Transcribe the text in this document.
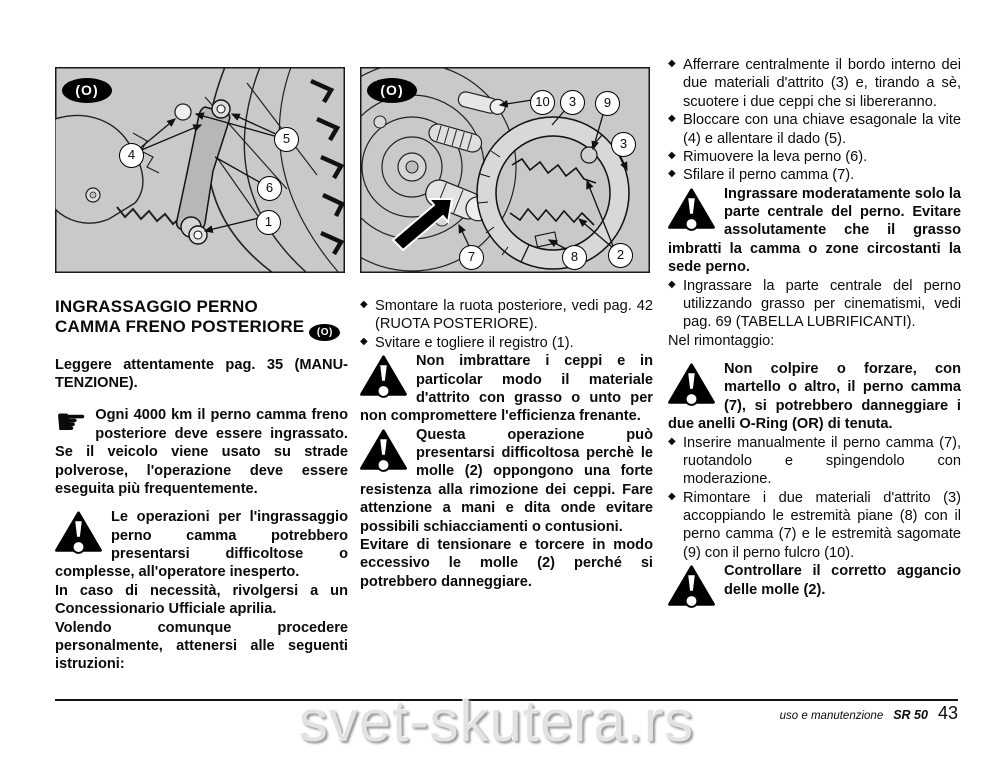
(O)
4
5
6
1
INGRASSAGGIO PERNO
CAMMA FRENO POSTERIORE (O)

Leggere attentamente pag. 35 (MANU-TENZIONE).

☛ Ogni 4000 km il perno camma freno posteriore deve essere ingrassato. Se il veicolo viene usato su strade polverose, l'operazione deve essere eseguita più frequentemente.

Le operazioni per l'ingrassaggio perno camma potrebbero presentarsi difficoltose o complesse, all'operatore inesperto.

In caso di necessità, rivolgersi a un Concessionario Ufficiale aprilia.

Volendo comunque procedere personalmente, attenersi alle seguenti istruzioni:

(O)
10	3	9
3
7	8	2
◆ Smontare la ruota posteriore, vedi pag. 42 (RUOTA POSTERIORE).
◆ Svitare e togliere il registro (1).

Non imbrattare i ceppi e in particolar modo il materiale d'attrito con grasso o unto per non compromettere l'efficienza frenante.

Questa operazione può presentarsi difficoltosa perchè le molle (2) oppongono una forte resistenza alla rimozione dei ceppi. Fare attenzione a mani e dita onde evitare possibili schiacciamenti o contusioni.

Evitare di tensionare e torcere in modo eccessivo le molle (2) perché si potrebbero danneggiare.

◆ Afferrare centralmente il bordo interno dei due materiali d'attrito (3) e, tirando a sè, scuotere i due ceppi che si libereranno.
◆ Bloccare con una chiave esagonale la vite (4) e allentare il dado (5).
◆ Rimuovere la leva perno (6).
◆ Sfilare il perno camma (7).

Ingrassare moderatamente solo la parte centrale del perno. Evitare assolutamente che il grasso imbratti la camma o zone circostanti la sede perno.

◆ Ingrassare la parte centrale del perno utilizzando grasso per cinematismi, vedi pag. 69 (TABELLA LUBRIFICANTI).

Nel rimontaggio:

Non colpire o forzare, con martello o altro, il perno camma (7), si potrebbero danneggiare i due anelli O-Ring (OR) di tenuta.

◆ Inserire manualmente il perno camma (7), ruotandolo e spingendolo con moderazione.
◆ Rimontare i due materiali d'attrito (3) accoppiando le estremità piane (8) con il perno camma (7) e le estremità sagomate (9) con il perno fulcro (10).

Controllare il corretto aggancio delle molle (2).

uso e manutenzione SR 50 43
svet-skutera.rs
